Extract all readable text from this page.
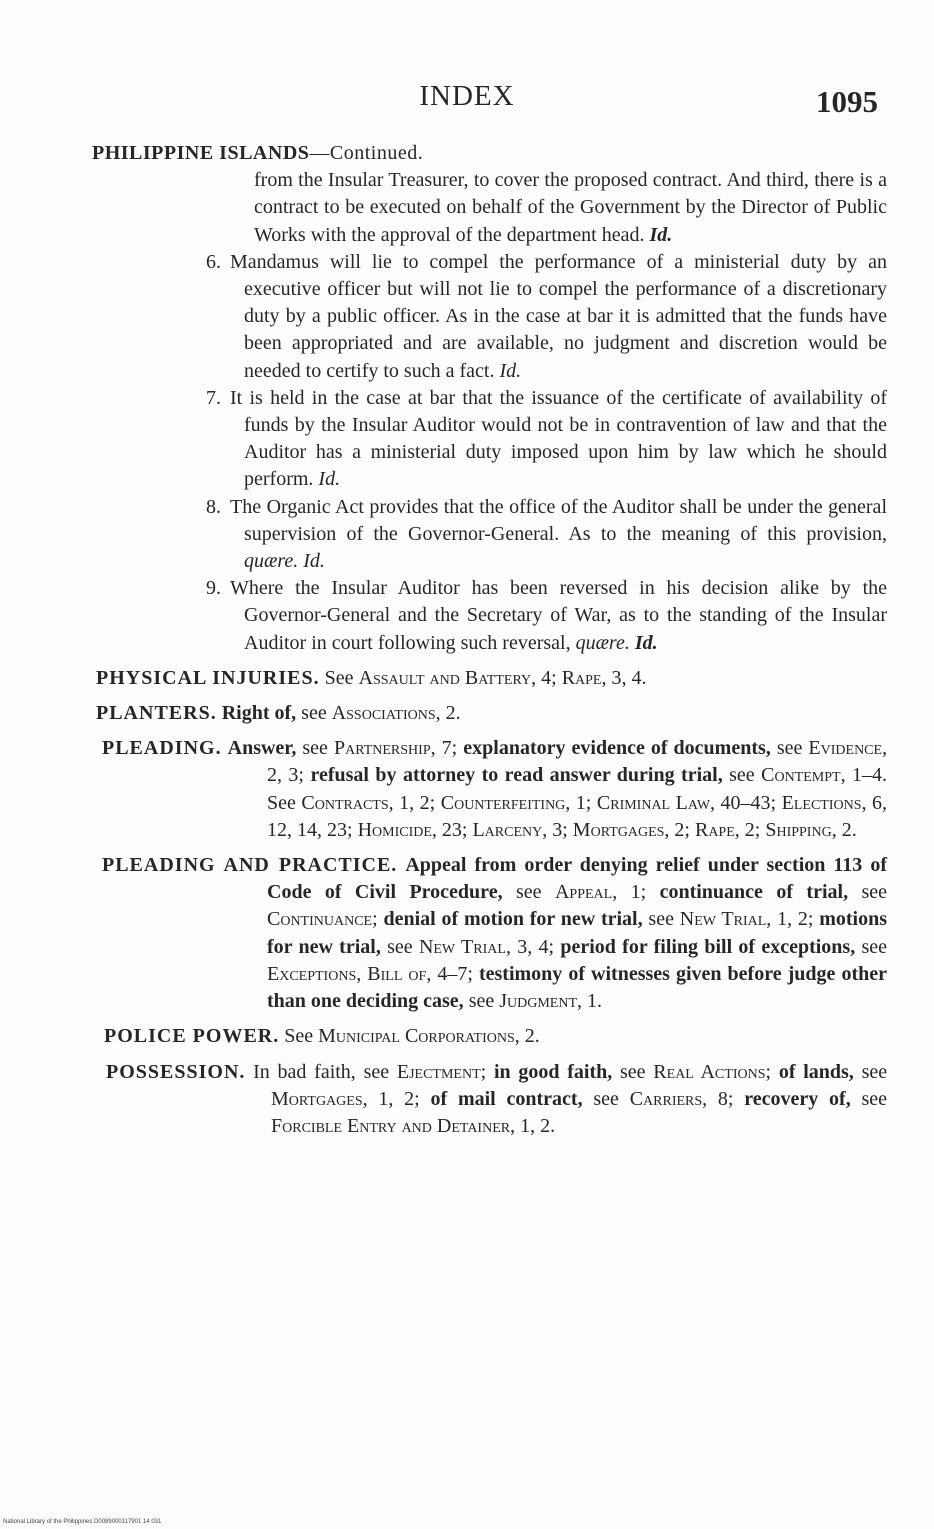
INDEX	1095
PHILIPPINE ISLANDS—Continued.
from the Insular Treasurer, to cover the proposed contract. And third, there is a contract to be executed on behalf of the Government by the Director of Public Works with the approval of the department head. Id.
6. Mandamus will lie to compel the performance of a ministerial duty by an executive officer but will not lie to compel the performance of a discretionary duty by a public officer. As in the case at bar it is admitted that the funds have been appropriated and are available, no judgment and discretion would be needed to certify to such a fact. Id.
7. It is held in the case at bar that the issuance of the certificate of availability of funds by the Insular Auditor would not be in contravention of law and that the Auditor has a ministerial duty imposed upon him by law which he should perform. Id.
8. The Organic Act provides that the office of the Auditor shall be under the general supervision of the Governor-General. As to the meaning of this provision, quære. Id.
9. Where the Insular Auditor has been reversed in his decision alike by the Governor-General and the Secretary of War, as to the standing of the Insular Auditor in court following such reversal, quære. Id.
PHYSICAL INJURIES. See Assault and Battery, 4; Rape, 3, 4.
PLANTERS. Right of, see Associations, 2.
PLEADING. Answer, see Partnership, 7; explanatory evidence of documents, see Evidence, 2, 3; refusal by attorney to read answer during trial, see Contempt, 1–4. See Contracts, 1, 2; Counterfeiting, 1; Criminal Law, 40–43; Elections, 6, 12, 14, 23; Homicide, 23; Larceny, 3; Mortgages, 2; Rape, 2; Shipping, 2.
PLEADING AND PRACTICE. Appeal from order denying relief under section 113 of Code of Civil Procedure, see Appeal, 1; continuance of trial, see Continuance; denial of motion for new trial, see New Trial, 1, 2; motions for new trial, see New Trial, 3, 4; period for filing bill of exceptions, see Exceptions, Bill of, 4–7; testimony of witnesses given before judge other than one deciding case, see Judgment, 1.
POLICE POWER. See Municipal Corporations, 2.
POSSESSION. In bad faith, see Ejectment; in good faith, see Real Actions; of lands, see Mortgages, 1, 2; of mail contract, see Carriers, 8; recovery of, see Forcible Entry and Detainer, 1, 2.
National Library of the Philippines D0089000117901 14 031
